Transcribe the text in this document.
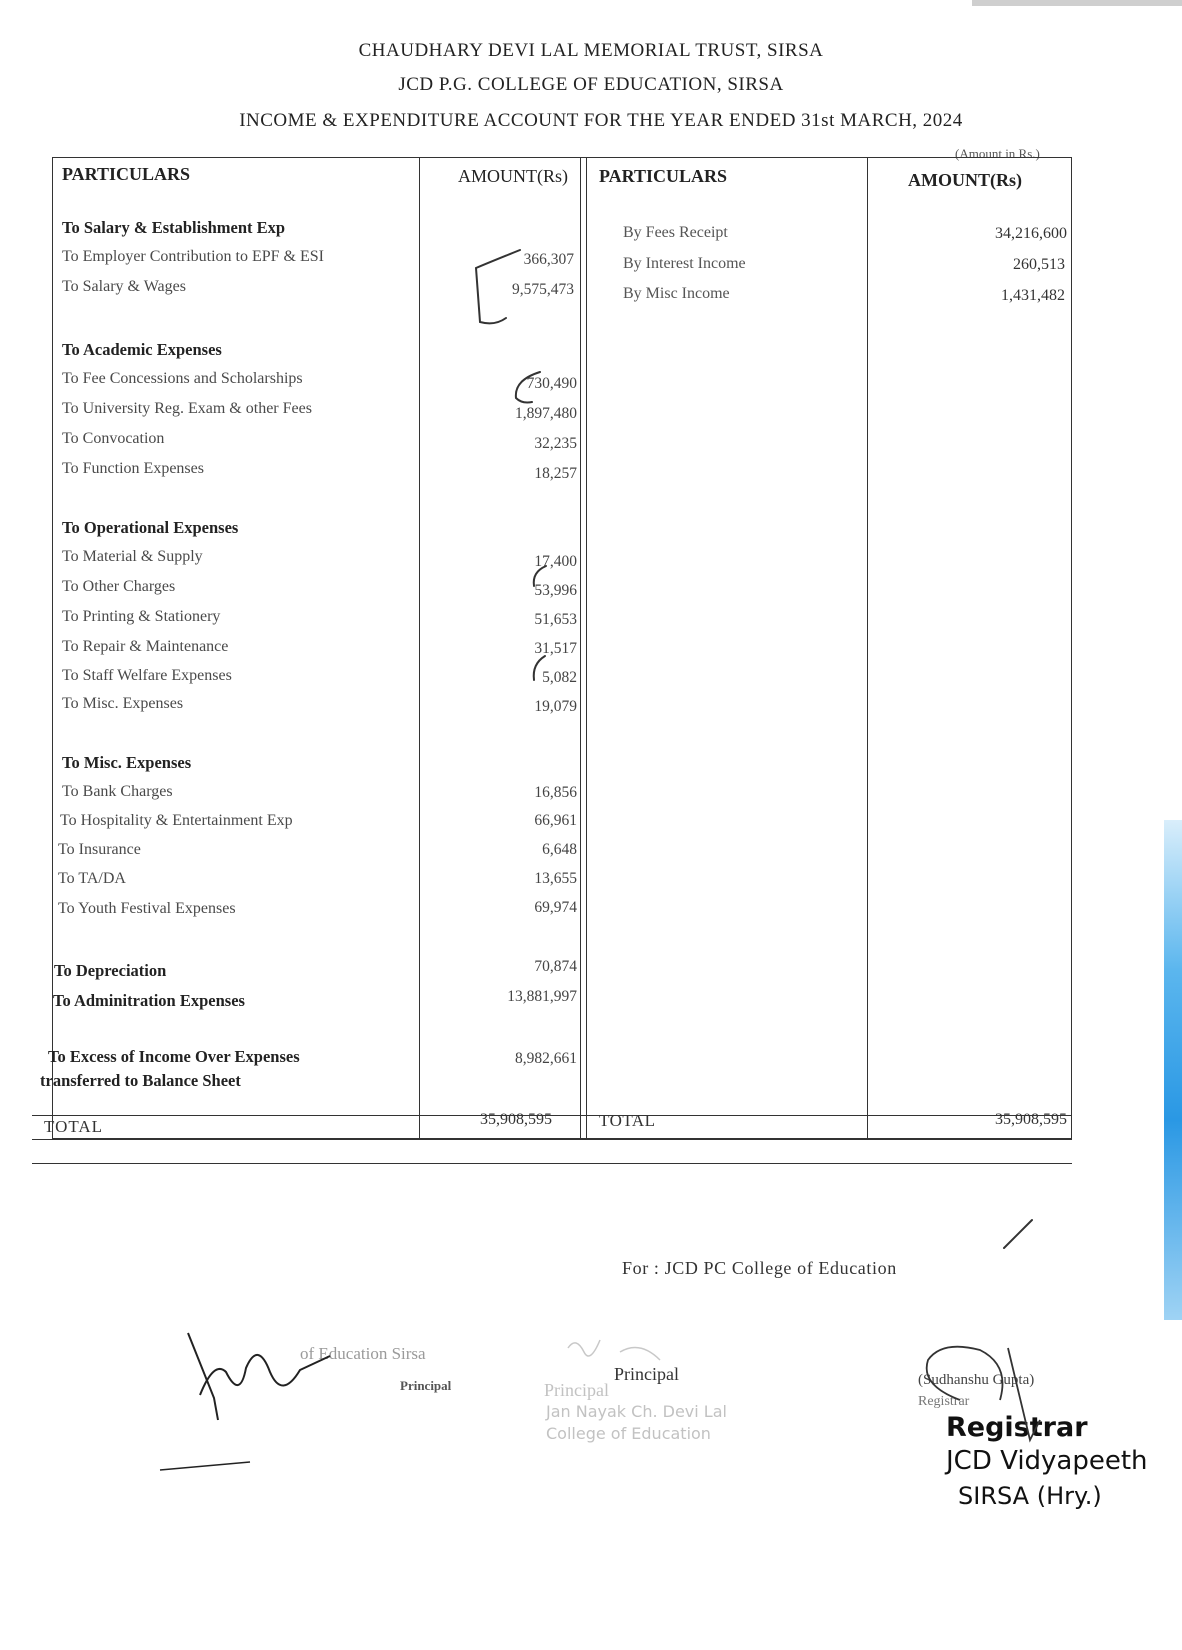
CHAUDHARY DEVI LAL MEMORIAL TRUST, SIRSA
JCD P.G. COLLEGE OF EDUCATION, SIRSA
INCOME & EXPENDITURE ACCOUNT FOR THE YEAR ENDED 31st MARCH, 2024
(Amount in Rs.)
PARTICULARS	AMOUNT(Rs) PARTICULARS	AMOUNT(Rs)
To Salary & Establishment Exp
To Employer Contribution to EPF & ESI	366,307
To Salary & Wages	9,575,473
To Academic Expenses
To Fee Concessions and Scholarships	730,490
To University Reg. Exam & other Fees	1,897,480
To Convocation	32,235
To Function Expenses	18,257
To Operational Expenses
To Material & Supply	17,400
To Other Charges	53,996
To Printing & Stationery	51,653
To Repair & Maintenance	31,517
To Staff Welfare Expenses	5,082
To Misc. Expenses	19,079
To Misc. Expenses
To Bank Charges	16,856
To Hospitality & Entertainment Exp	66,961
To Insurance	6,648
To TA/DA	13,655
To Youth Festival Expenses	69,974
To Depreciation	70,874
To Adminitration Expenses	13,881,997
To Excess of Income Over Expenses
transferred to Balance Sheet
8,982,661
By Fees Receipt	34,216,600
By Interest Income	260,513
By Misc Income	1,431,482
TOTAL	35,908,595	TOTAL	35,908,595
For : JCD PC College of Education
of Education Sirsa
Principal
Principal
Principal
Jan Nayak Ch. Devi Lal
College of Education
(Sudhanshu Gupta)
Registrar
Registrar
JCD Vidyapeeth
SIRSA (Hry.)
